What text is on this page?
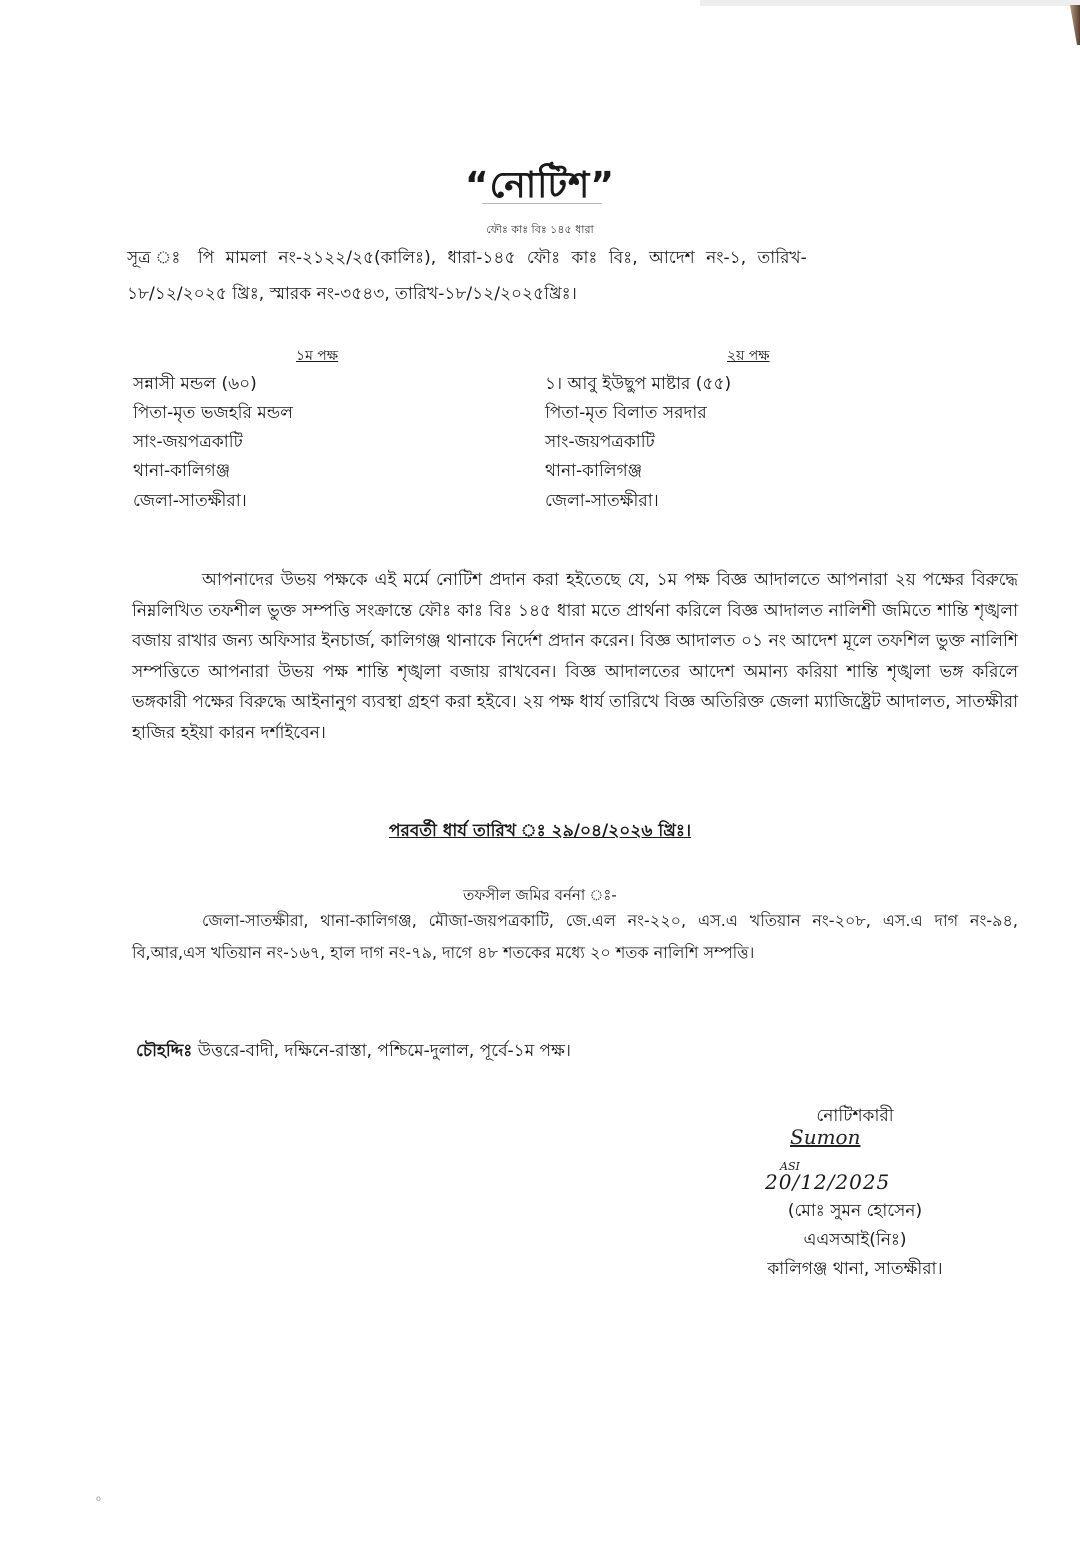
“নোটিশ”
ফৌঃ কাঃ বিঃ ১৪৫ ধারা
সূত্র ঃ পি মামলা নং-২১২২/২৫(কালিঃ), ধারা-১৪৫ ফৌঃ কাঃ বিঃ, আদেশ নং-১, তারিখ-
১৮/১২/২০২৫ খ্রিঃ, স্মারক নং-৩৫৪৩, তারিখ-১৮/১২/২০২৫খ্রিঃ।
১ম পক্ষ
সন্নাসী মন্ডল (৬০)
পিতা-মৃত ভজহরি মন্ডল
সাং-জয়পত্রকাটি
থানা-কালিগঞ্জ
জেলা-সাতক্ষীরা।
২য় পক্ষ
১। আবু ইউছুপ মাষ্টার (৫৫)
পিতা-মৃত বিলাত সরদার
সাং-জয়পত্রকাটি
থানা-কালিগঞ্জ
জেলা-সাতক্ষীরা।
আপনাদের উভয় পক্ষকে এই মর্মে নোটিশ প্রদান করা হইতেছে যে, ১ম পক্ষ বিজ্ঞ আদালতে আপনারা ২য় পক্ষের বিরুদ্ধে নিম্নলিখিত তফশীল ভুক্ত সম্পত্তি সংক্রান্তে ফৌঃ কাঃ বিঃ ১৪৫ ধারা মতে প্রার্থনা করিলে বিজ্ঞ আদালত নালিশী জমিতে শান্তি শৃঙ্খলা বজায় রাখার জন্য অফিসার ইনচার্জ, কালিগঞ্জ থানাকে নির্দেশ প্রদান করেন। বিজ্ঞ আদালত ০১ নং আদেশ মূলে তফশিল ভুক্ত নালিশি সম্পত্তিতে আপনারা উভয় পক্ষ শান্তি শৃঙ্খলা বজায় রাখবেন। বিজ্ঞ আদালতের আদেশ অমান্য করিয়া শান্তি শৃঙ্খলা ভঙ্গ করিলে ভঙ্গকারী পক্ষের বিরুদ্ধে আইনানুগ ব্যবস্থা গ্রহণ করা হইবে। ২য় পক্ষ ধার্য তারিখে বিজ্ঞ অতিরিক্ত জেলা ম্যাজিষ্ট্রেট আদালত, সাতক্ষীরা হাজির হইয়া কারন দর্শাইবেন।
পরবর্তী ধার্য তারিখ ঃ ২৯/০৪/২০২৬ খ্রিঃ।
তফসীল জমির বর্ননা ঃ-
জেলা-সাতক্ষীরা, থানা-কালিগঞ্জ, মৌজা-জয়পত্রকাটি, জে.এল নং-২২০, এস.এ খতিয়ান নং-২০৮, এস.এ দাগ নং-৯৪, বি,আর,এস খতিয়ান নং-১৬৭, হাল দাগ নং-৭৯, দাগে ৪৮ শতকের মধ্যে ২০ শতক নালিশি সম্পত্তি।
চৌহদ্দিঃ উত্তরে-বাদী, দক্ষিনে-রাস্তা, পশ্চিমে-দুলাল, পূর্বে-১ম পক্ষ।
নোটিশকারী
Sumon
ASI
20/12/2025
(মোঃ সুমন হোসেন)
এএসআই(নিঃ)
কালিগঞ্জ থানা, সাতক্ষীরা।
o
